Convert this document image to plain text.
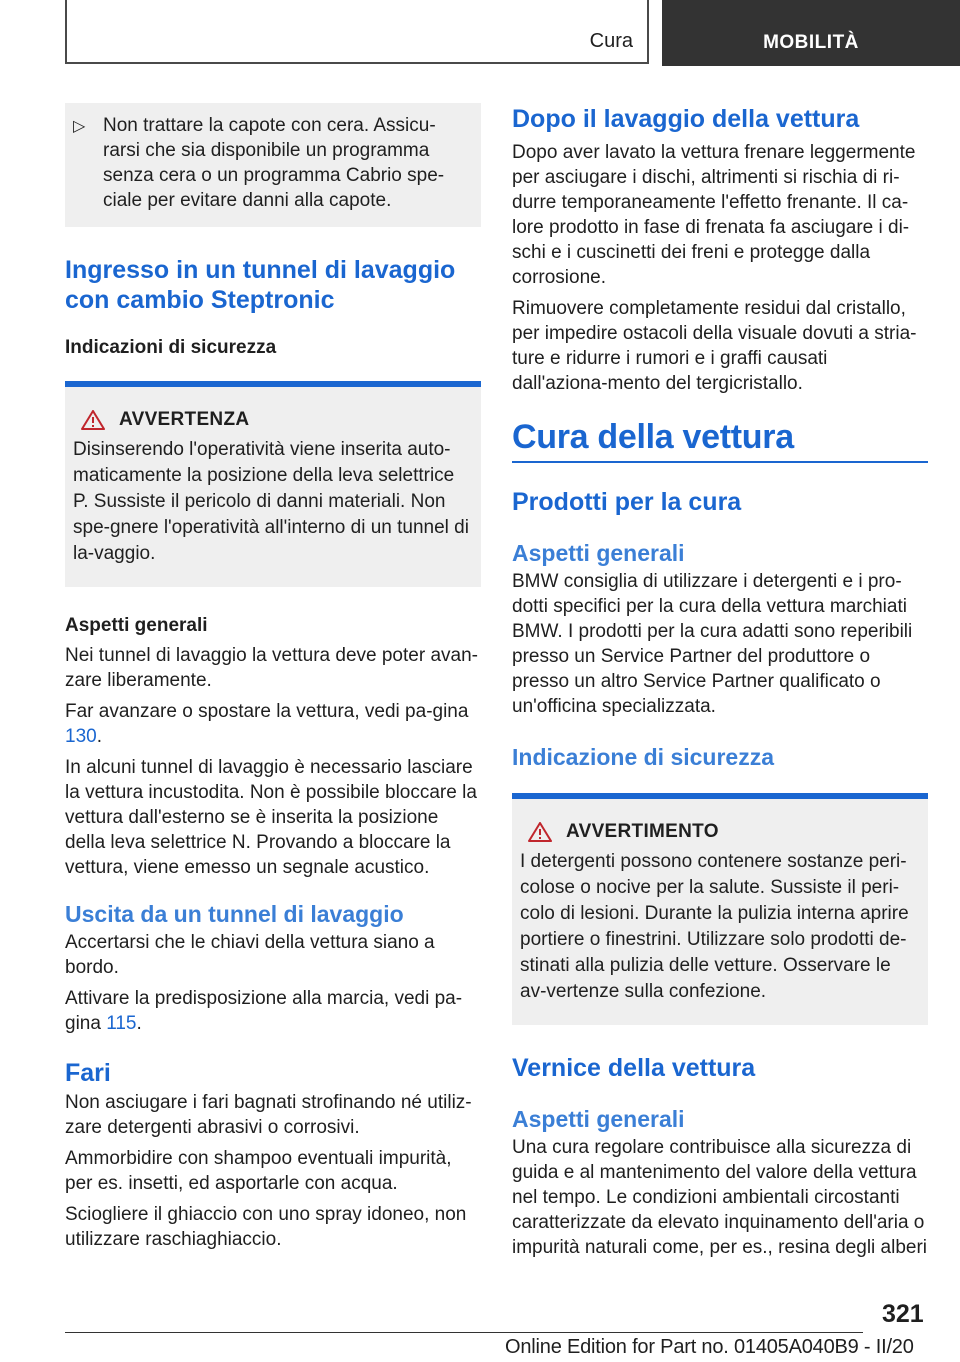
Cura	MOBILITÀ
▷ Non trattare la capote con cera. Assicu-rarsi che sia disponibile un programma senza cera o un programma Cabrio spe-ciale per evitare danni alla capote.
Ingresso in un tunnel di lavaggio con cambio Steptronic
Indicazioni di sicurezza
AVVERTENZA
Disinserendo l'operatività viene inserita auto-maticamente la posizione della leva selettrice P. Sussiste il pericolo di danni materiali. Non spe-gnere l'operatività all'interno di un tunnel di la-vaggio.
Aspetti generali
Nei tunnel di lavaggio la vettura deve poter avan-zare liberamente.
Far avanzare o spostare la vettura, vedi pa-gina 130.
In alcuni tunnel di lavaggio è necessario lasciare la vettura incustodita. Non è possibile bloccare la vettura dall'esterno se è inserita la posizione della leva selettrice N. Provando a bloccare la vettura, viene emesso un segnale acustico.
Uscita da un tunnel di lavaggio
Accertarsi che le chiavi della vettura siano a bordo.
Attivare la predisposizione alla marcia, vedi pa-gina 115.
Fari
Non asciugare i fari bagnati strofinando né utiliz-zare detergenti abrasivi o corrosivi.
Ammorbidire con shampoo eventuali impurità, per es. insetti, ed asportarle con acqua.
Sciogliere il ghiaccio con uno spray idoneo, non utilizzare raschiaghiaccio.
Dopo il lavaggio della vettura
Dopo aver lavato la vettura frenare leggermente per asciugare i dischi, altrimenti si rischia di ri-durre temporaneamente l'effetto frenante. Il ca-lore prodotto in fase di frenata fa asciugare i di-schi e i cuscinetti dei freni e protegge dalla corrosione.
Rimuovere completamente residui dal cristallo, per impedire ostacoli della visuale dovuti a stria-ture e ridurre i rumori e i graffi causati dall'aziona-mento del tergicristallo.
Cura della vettura
Prodotti per la cura
Aspetti generali
BMW consiglia di utilizzare i detergenti e i pro-dotti specifici per la cura della vettura marchiati BMW. I prodotti per la cura adatti sono reperibili presso un Service Partner del produttore o presso un altro Service Partner qualificato o un'officina specializzata.
Indicazione di sicurezza
AVVERTIMENTO
I detergenti possono contenere sostanze peri-colose o nocive per la salute. Sussiste il peri-colo di lesioni. Durante la pulizia interna aprire portiere o finestrini. Utilizzare solo prodotti de-stinati alla pulizia delle vetture. Osservare le av-vertenze sulla confezione.
Vernice della vettura
Aspetti generali
Una cura regolare contribuisce alla sicurezza di guida e al mantenimento del valore della vettura nel tempo. Le condizioni ambientali circostanti caratterizzate da elevato inquinamento dell'aria o impurità naturali come, per es., resina degli alberi
321
Online Edition for Part no. 01405A040B9 - II/20
